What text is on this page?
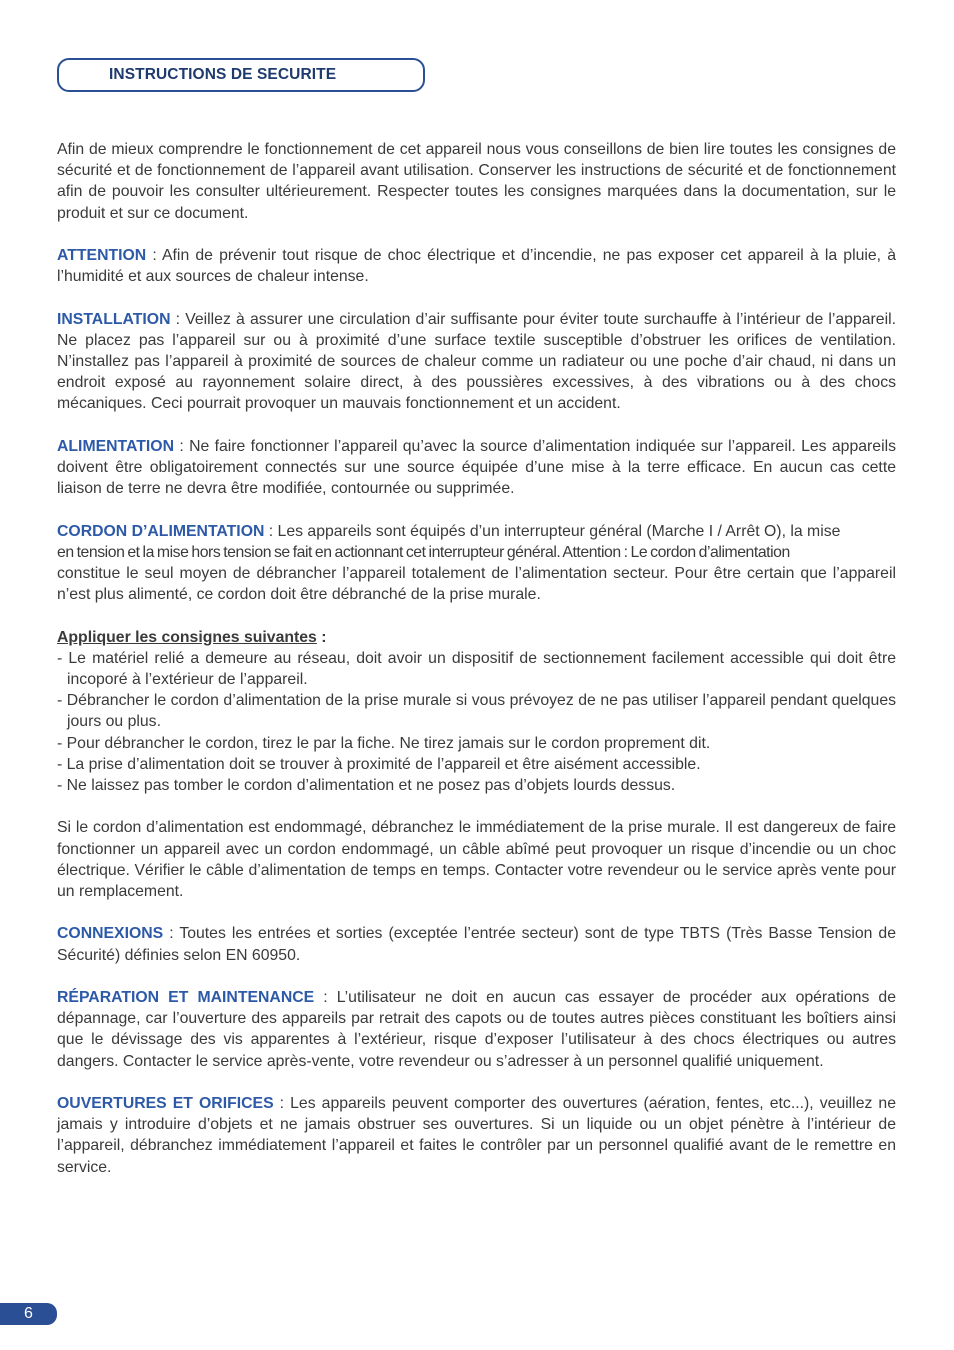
INSTRUCTIONS DE SECURITE

Afin de mieux comprendre le fonctionnement de cet appareil nous vous conseillons de bien lire toutes les consignes de sécurité et de fonctionnement de l’appareil avant utilisation. Conserver les instructions de sécurité et de fonctionnement afin de pouvoir les consulter ultérieurement. Respecter toutes les consignes marquées dans la documentation, sur le produit et sur ce document.

ATTENTION : Afin de prévenir tout risque de choc électrique et d’incendie, ne pas exposer cet appareil à la pluie, à l’humidité et aux sources de chaleur intense.

INSTALLATION : Veillez à assurer une circulation d’air suffisante pour éviter toute surchauffe à l’intérieur de l’appareil. Ne placez pas l’appareil sur ou à proximité d’une surface textile susceptible d’obstruer les orifices de ventilation. N’installez pas l’appareil à proximité de sources de chaleur comme un radiateur ou une poche d’air chaud, ni dans un endroit exposé au rayonnement solaire direct, à des poussières excessives, à des vibrations ou à des chocs mécaniques. Ceci pourrait provoquer un mauvais fonctionnement et un accident.

ALIMENTATION : Ne faire fonctionner l’appareil qu’avec la source d’alimentation indiquée sur l’appareil. Les appareils doivent être obligatoirement connectés sur une source équipée d’une mise à la terre efficace. En aucun cas cette liaison de terre ne devra être modifiée, contournée ou supprimée.

CORDON D’ALIMENTATION : Les appareils sont équipés d’un interrupteur général (Marche I / Arrêt O), la mise
en tension et la mise hors tension se fait en actionnant cet interrupteur général. Attention : Le cordon d’alimentation
constitue le seul moyen de débrancher l’appareil totalement de l’alimentation secteur. Pour être certain que l’appareil n’est plus alimenté, ce cordon doit être débranché de la prise murale.

Appliquer les consignes suivantes :
- Le matériel relié a demeure au réseau, doit avoir un dispositif de sectionnement facilement accessible qui doit être incoporé à l’extérieur de l’appareil.
- Débrancher le cordon d’alimentation de la prise murale si vous prévoyez de ne pas utiliser l’appareil pendant quelques jours ou plus.
- Pour débrancher le cordon, tirez le par la fiche. Ne tirez jamais sur le cordon proprement dit.
- La prise d’alimentation doit se trouver à proximité de l’appareil et être aisément accessible.
- Ne laissez pas tomber le cordon d’alimentation et ne posez pas d’objets lourds dessus.

Si le cordon d’alimentation est endommagé, débranchez le immédiatement de la prise murale. Il est dangereux de faire fonctionner un appareil avec un cordon endommagé, un câble abîmé peut provoquer un risque d’incendie ou un choc électrique. Vérifier le câble d’alimentation de temps en temps. Contacter votre revendeur ou le service après vente pour un remplacement.

CONNEXIONS : Toutes les entrées et sorties (exceptée l’entrée secteur) sont de type TBTS (Très Basse Tension de Sécurité) définies selon EN 60950.

RÉPARATION ET MAINTENANCE : L’utilisateur ne doit en aucun cas essayer de procéder aux opérations de dépannage, car l’ouverture des appareils par retrait des capots ou de toutes autres pièces constituant les boîtiers ainsi que le dévissage des vis apparentes à l’extérieur, risque d’exposer l’utilisateur à des chocs électriques ou autres dangers. Contacter le service après-vente, votre revendeur ou s’adresser à un personnel qualifié uniquement.

OUVERTURES ET ORIFICES : Les appareils peuvent comporter des ouvertures (aération, fentes, etc...), veuillez ne jamais y introduire d’objets et ne jamais obstruer ses ouvertures. Si un liquide ou un objet pénètre à l’intérieur de l’appareil, débranchez immédiatement l’appareil et faites le contrôler par un personnel qualifié avant de le remettre en service.

6
